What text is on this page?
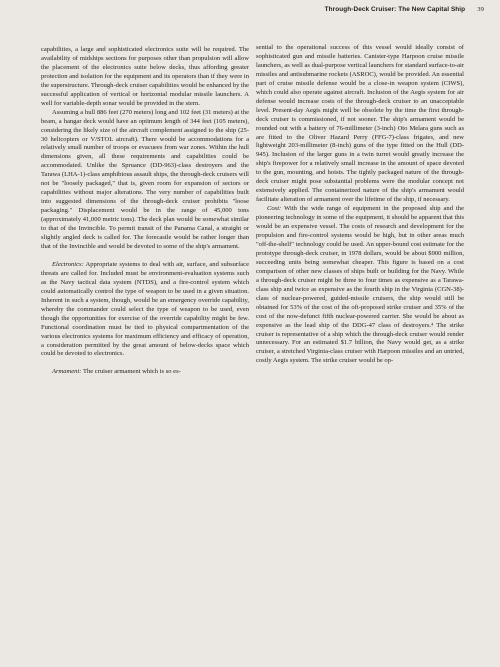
Through-Deck Cruiser: The New Capital Ship 39

capabilities, a large and sophisticated electronics suite will be required. The availability of midships sections for purposes other than propulsion will allow the placement of the electronics suite below decks, thus affording greater protection and isolation for the equipment and its operators than if they were in the superstructure. Through-deck cruiser capabilities would be enhanced by the successful application of vertical or horizontal modular missile launchers. A well for variable-depth sonar would be provided in the stern.

Assuming a hull 886 feet (270 meters) long and 102 feet (31 meters) at the beam, a hangar deck would have an optimum length of 344 feet (105 meters), considering the likely size of the aircraft complement assigned to the ship (25-30 helicopters or V/STOL aircraft). There would be accommodations for a relatively small number of troops or evacuees from war zones. Within the hull dimensions given, all these requirements and capabilities could be accommodated. Unlike the Spruance (DD-963)-class destroyers and the Tarawa (LHA-1)-class amphibious assault ships, the through-deck cruisers will not be "loosely packaged," that is, given room for expansion of sectors or capabilities without major alterations. The very number of capabilities built into suggested dimensions of the through-deck cruiser prohibits "loose packaging." Displacement would be in the range of 45,000 tons (approximately 41,000 metric tons). The deck plan would be somewhat similar to that of the Invincible. To permit transit of the Panama Canal, a straight or slightly angled deck is called for. The forecastle would be rather longer than that of the Invincible and would be devoted to some of the ship's armament.

Electronics: Appropriate systems to deal with air, surface, and subsurface threats are called for. Included must be environment-evaluation systems such as the Navy tactical data system (NTDS), and a fire-control system which could automatically control the type of weapon to be used in a given situation. Inherent in such a system, though, would be an emergency override capability, whereby the commander could select the type of weapon to be used, even though the opportunities for exercise of the override capability might be few. Functional coordination must be tied to physical compartmentation of the various electronics systems for maximum efficiency and efficacy of operation, a consideration permitted by the great amount of below-decks space which could be devoted to electronics.

Armament: The cruiser armament which is so es-

sential to the operational success of this vessel would ideally consist of sophisticated gun and missile batteries. Canister-type Harpoon cruise missile launchers, as well as dual-purpose vertical launchers for standard surface-to-air missiles and antisubmarine rockets (ASROC), would be provided. An essential part of cruise missile defense would be a close-in weapon system (CIWS), which could also operate against aircraft. Inclusion of the Aegis system for air defense would increase costs of the through-deck cruiser to an unacceptable level. Present-day Aegis might well be obsolete by the time the first through-deck cruiser is commissioned, if not sooner. The ship's armament would be rounded out with a battery of 76-millimeter (3-inch) Oto Melara guns such as are fitted to the Oliver Hazard Perry (FFG-7)-class frigates, and new lightweight 203-millimeter (8-inch) guns of the type fitted on the Hull (DD-945). Inclusion of the larger guns in a twin turret would greatly increase the ship's firepower for a relatively small increase in the amount of space devoted to the gun, mounting, and hoists. The tightly packaged nature of the through-deck cruiser might pose substantial problems were the modular concept not extensively applied. The containerized nature of the ship's armament would facilitate alteration of armament over the lifetime of the ship, if necessary.

Cost: With the wide range of equipment in the proposed ship and the pioneering technology in some of the equipment, it should be apparent that this would be an expensive vessel. The costs of research and development for the propulsion and fire-control systems would be high, but in other areas much "off-the-shelf" technology could be used. An upper-bound cost estimate for the prototype through-deck cruiser, in 1978 dollars, would be about $900 million, succeeding units being somewhat cheaper. This figure is based on a cost comparison of other new classes of ships built or building for the Navy. While a through-deck cruiser might be three to four times as expensive as a Tarawa-class ship and twice as expensive as the fourth ship in the Virginia (CGN-38)-class of nuclear-powered, guided-missile cruisers, the ship would still be obtained for 53% of the cost of the oft-proposed strike cruiser and 35% of the cost of the now-defunct fifth nuclear-powered carrier. She would be about as expensive as the lead ship of the DDG-47 class of destroyers.⁴ The strike cruiser is representative of a ship which the through-deck cruiser would render unnecessary. For an estimated $1.7 billion, the Navy would get, as a strike cruiser, a stretched Virginia-class cruiser with Harpoon missiles and an untried, costly Aegis system. The strike cruiser would be op-
